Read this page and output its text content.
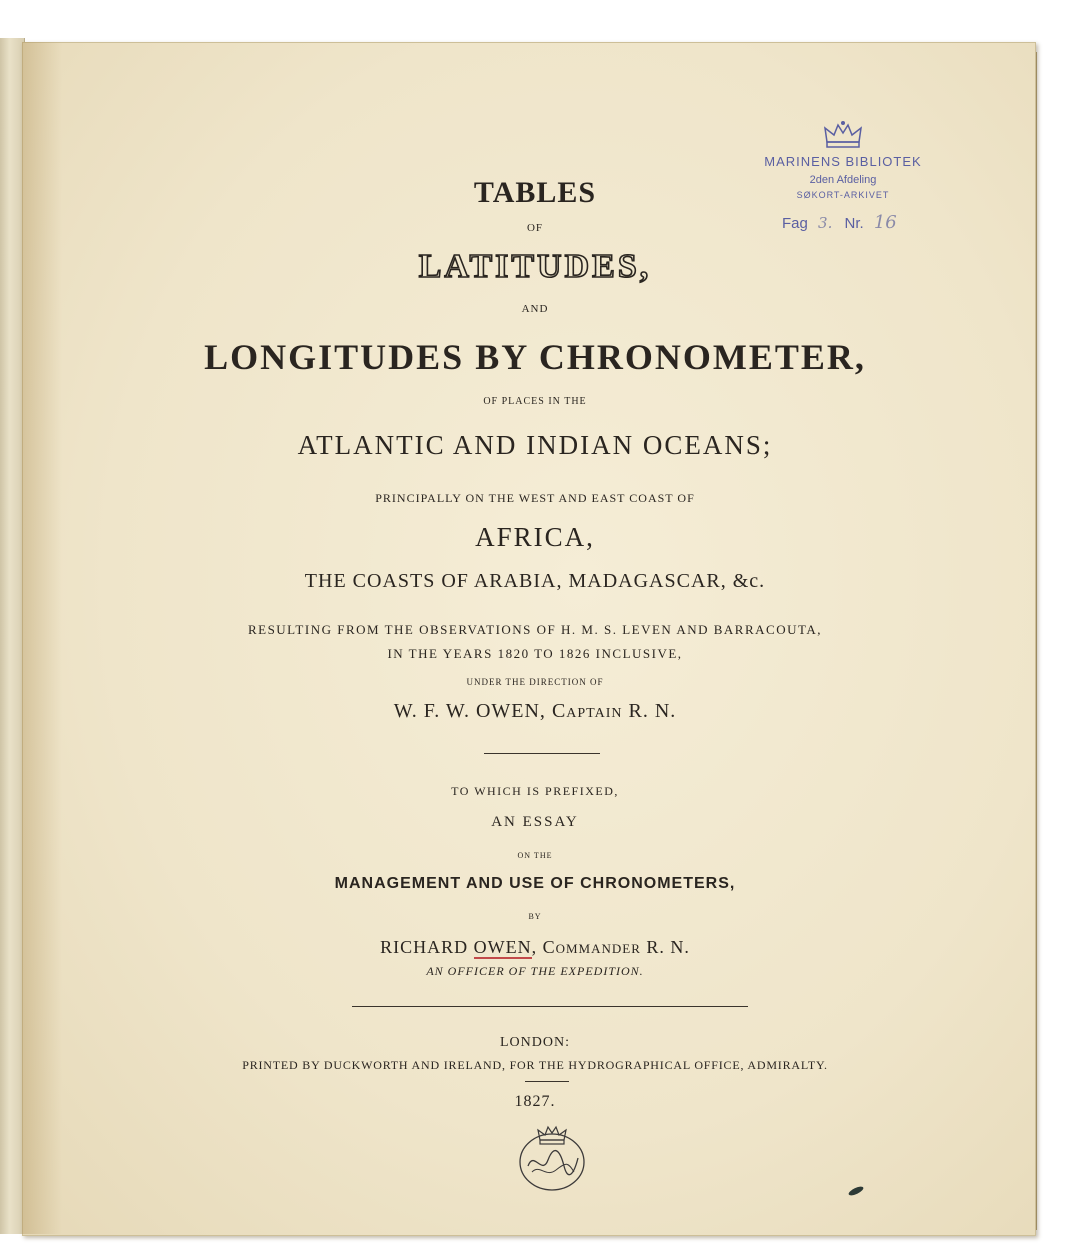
MARINENS BIBLIOTEK
2den Afdeling
SØKORT-ARKIVET
Fag 3. Nr. 16
TABLES
OF
LATITUDES,
AND
LONGITUDES BY CHRONOMETER,
OF PLACES IN THE
ATLANTIC AND INDIAN OCEANS;
PRINCIPALLY ON THE WEST AND EAST COAST OF
AFRICA,
THE COASTS OF ARABIA, MADAGASCAR, &c.
RESULTING FROM THE OBSERVATIONS OF H. M. S. LEVEN AND BARRACOUTA,
IN THE YEARS 1820 TO 1826 INCLUSIVE,
UNDER THE DIRECTION OF
W. F. W. OWEN, Captain R. N.
TO WHICH IS PREFIXED,
AN ESSAY
ON THE
MANAGEMENT AND USE OF CHRONOMETERS,
BY
RICHARD OWEN, Commander R. N.
AN OFFICER OF THE EXPEDITION.
LONDON:
PRINTED BY DUCKWORTH AND IRELAND, FOR THE HYDROGRAPHICAL OFFICE, ADMIRALTY.
1827.
